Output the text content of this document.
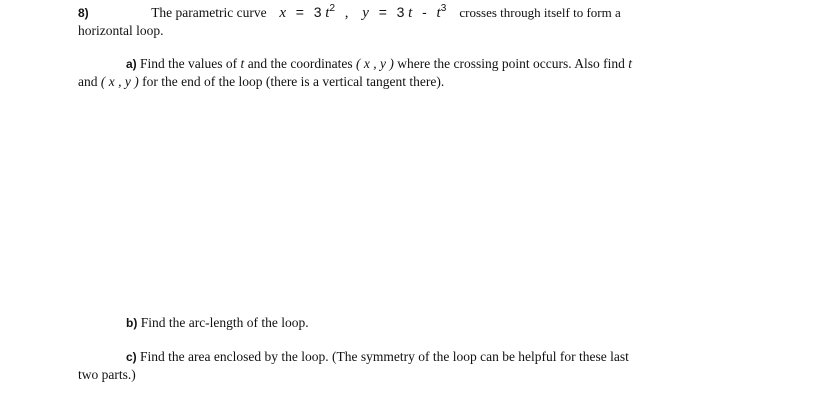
8)	The parametric curve x = 3 $t^2$ , y = 3 t - $t^3$ crosses through itself to form a
horizontal loop.
a) Find the values of t and the coordinates ( x , y ) where the crossing point occurs. Also find t
and ( x , y ) for the end of the loop (there is a vertical tangent there).
b) Find the arc-length of the loop.
c) Find the area enclosed by the loop. (The symmetry of the loop can be helpful for these last
two parts.)
